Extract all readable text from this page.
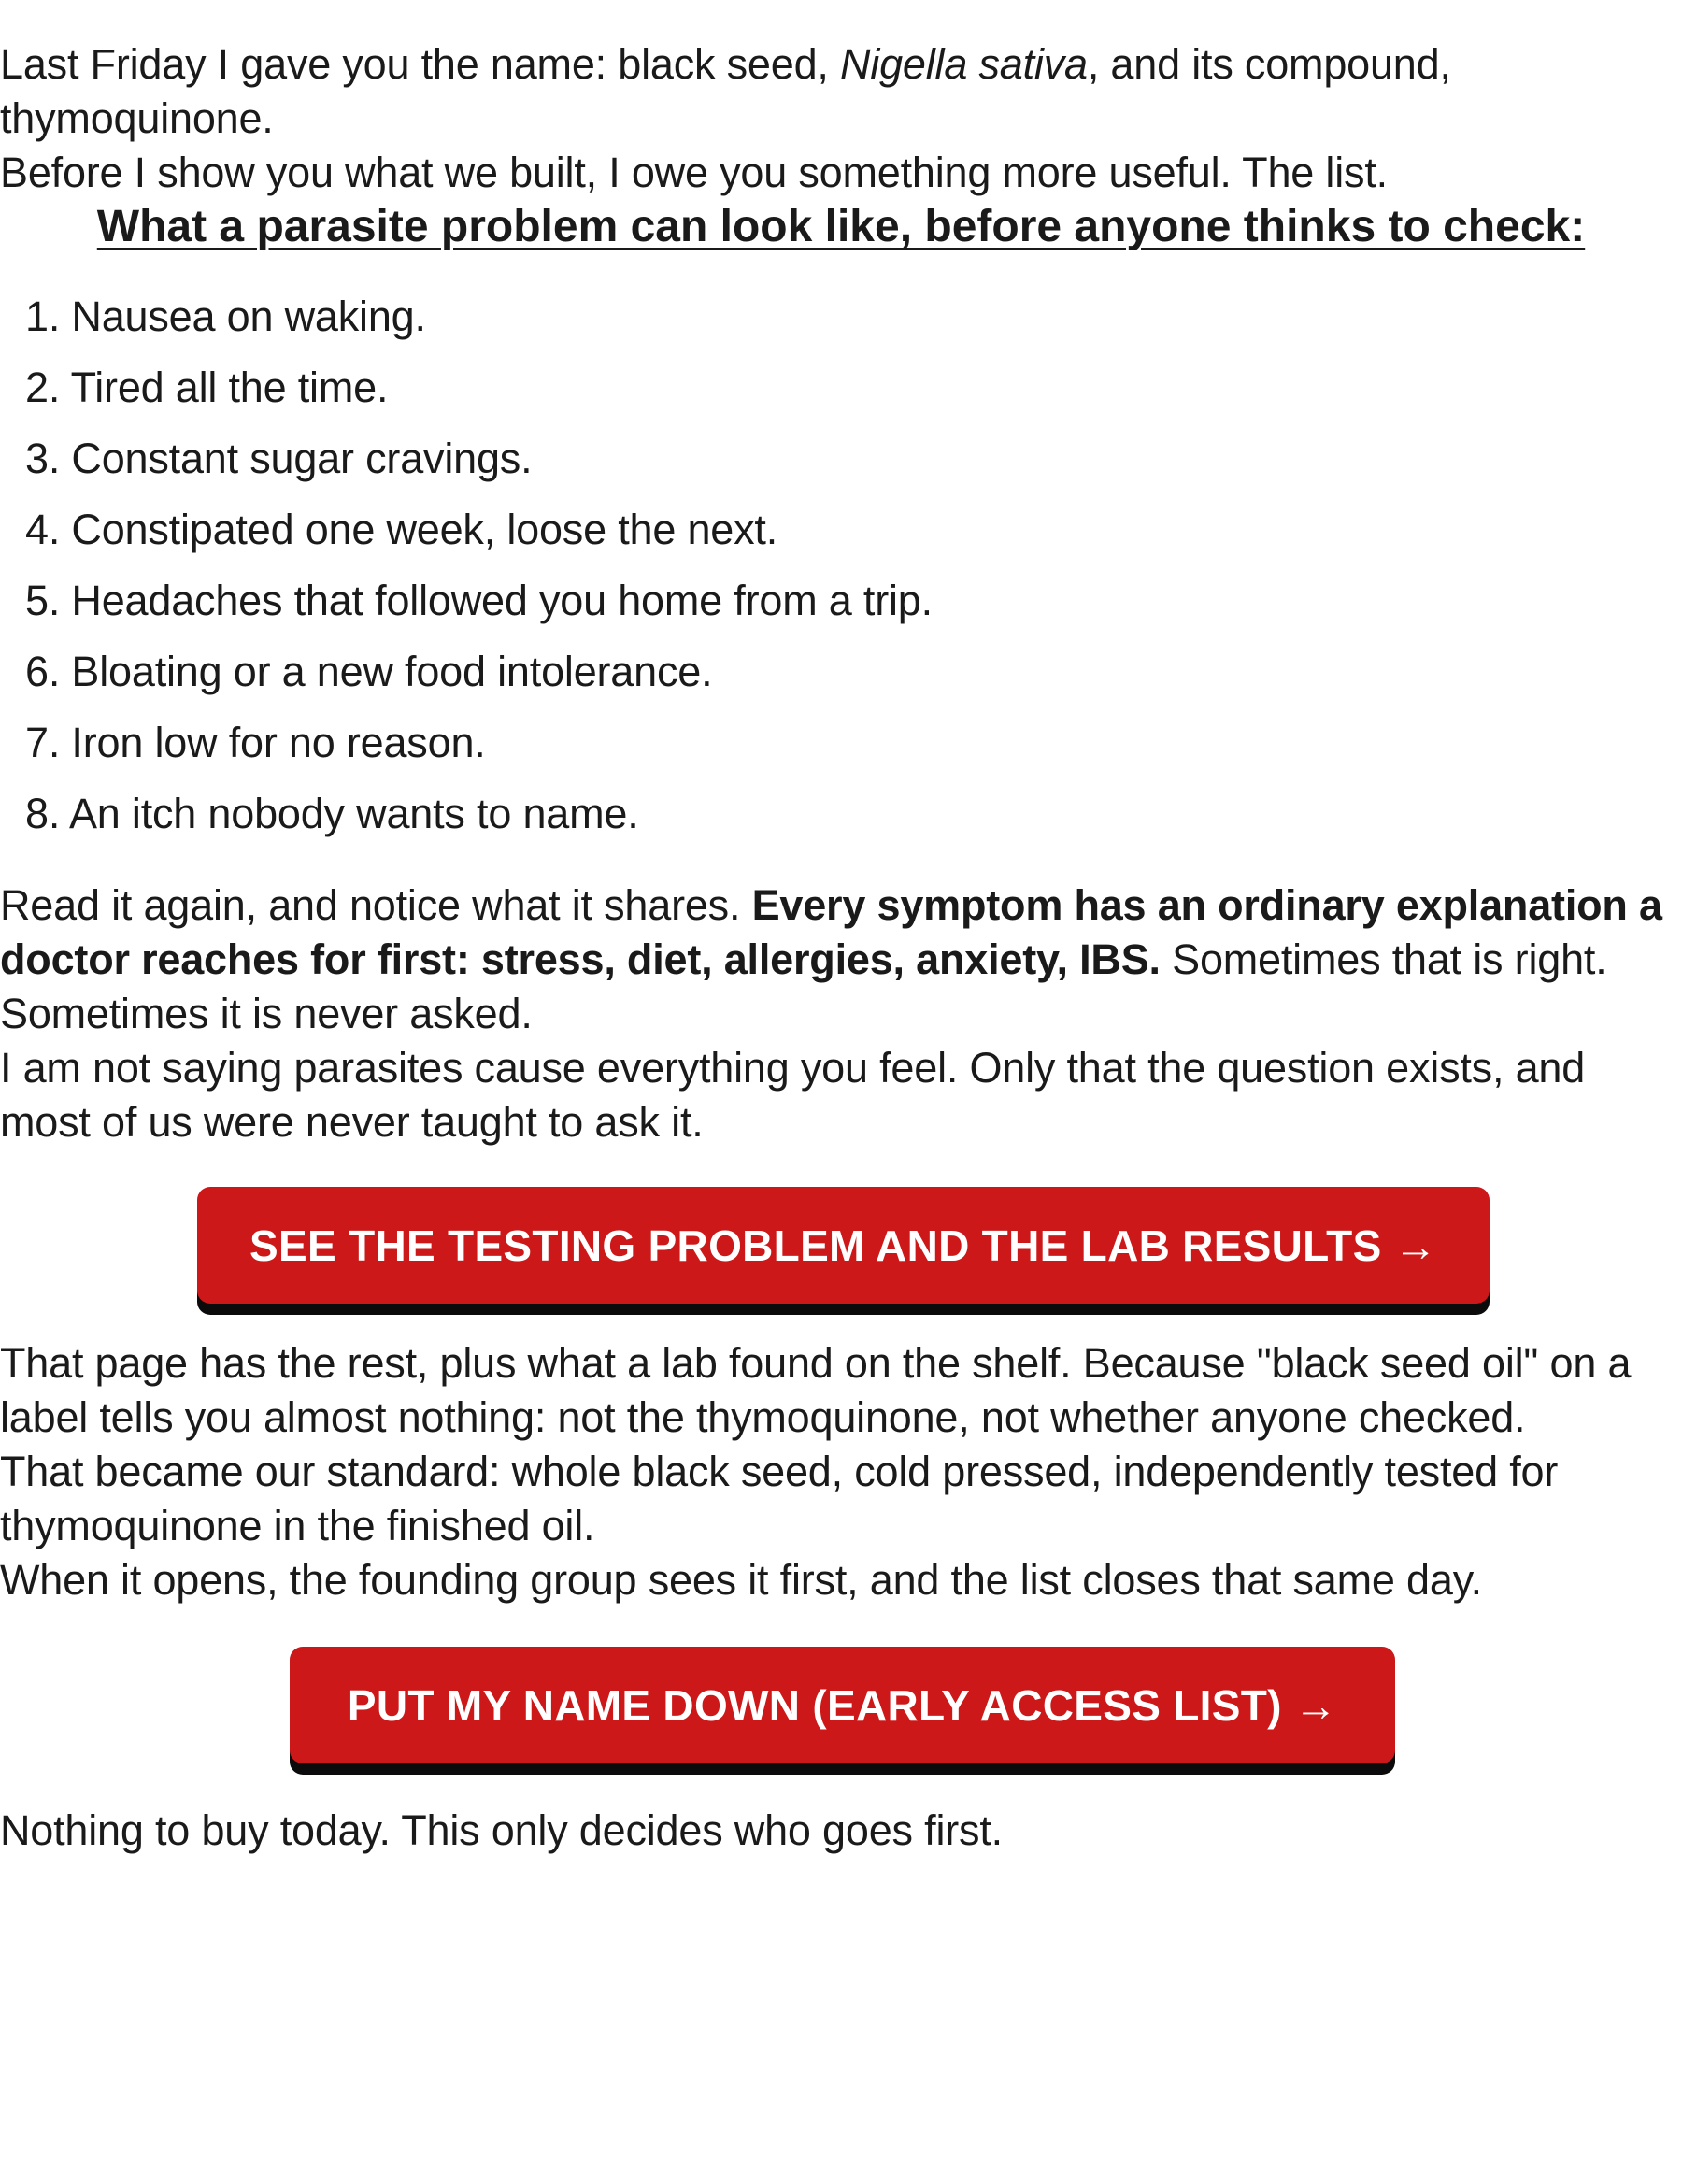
Last Friday I gave you the name: black seed, Nigella sativa, and its compound, thymoquinone.

Before I show you what we built, I owe you something more useful. The list.

What a parasite problem can look like, before anyone thinks to check:
1. Nausea on waking.
2. Tired all the time.
3. Constant sugar cravings.
4. Constipated one week, loose the next.
5. Headaches that followed you home from a trip.
6. Bloating or a new food intolerance.
7. Iron low for no reason.
8. An itch nobody wants to name.

Read it again, and notice what it shares. Every symptom has an ordinary explanation a doctor reaches for first: stress, diet, allergies, anxiety, IBS. Sometimes that is right. Sometimes it is never asked.

I am not saying parasites cause everything you feel. Only that the question exists, and most of us were never taught to ask it.

SEE THE TESTING PROBLEM AND THE LAB RESULTS →

That page has the rest, plus what a lab found on the shelf. Because "black seed oil" on a label tells you almost nothing: not the thymoquinone, not whether anyone checked.

That became our standard: whole black seed, cold pressed, independently tested for thymoquinone in the finished oil.

When it opens, the founding group sees it first, and the list closes that same day.

PUT MY NAME DOWN (EARLY ACCESS LIST) →

Nothing to buy today. This only decides who goes first.
